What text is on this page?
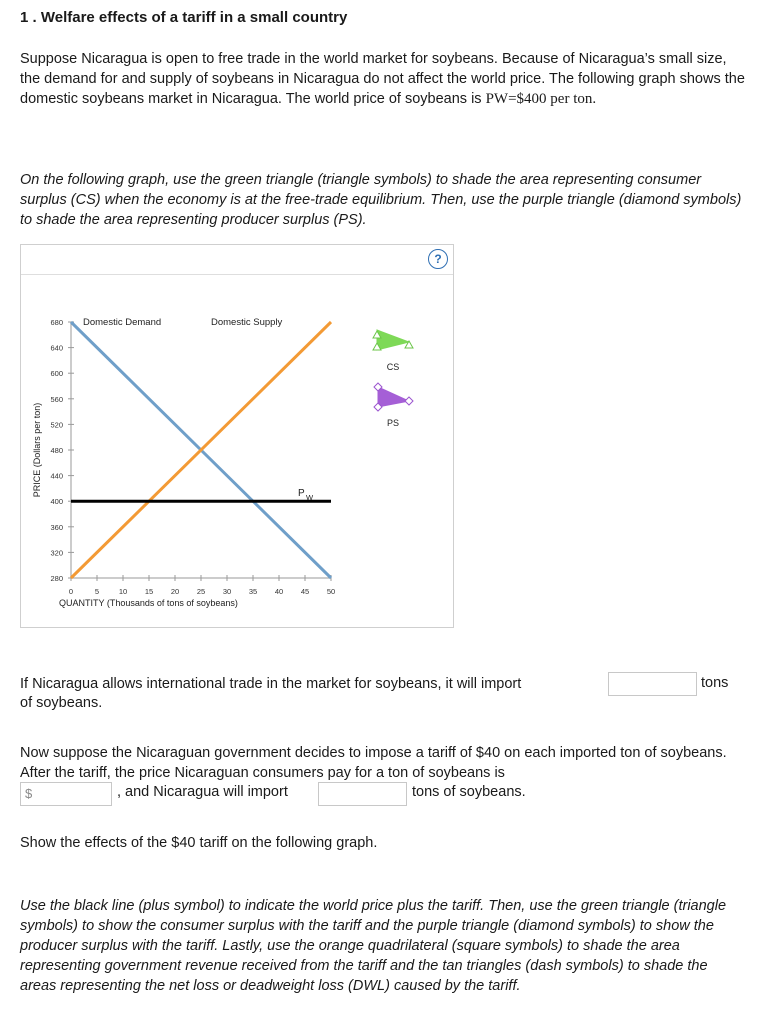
1 . Welfare effects of a tariff in a small country

Suppose Nicaragua is open to free trade in the world market for soybeans. Because of Nicaragua’s small size, the demand for and supply of soybeans in Nicaragua do not affect the world price. The following graph shows the domestic soybeans market in Nicaragua. The world price of soybeans is PW=$400 per ton.

On the following graph, use the green triangle (triangle symbols) to shade the area representing consumer surplus (CS) when the economy is at the free-trade equilibrium. Then, use the purple triangle (diamond symbols) to shade the area representing producer surplus (PS).

?
280
320
360
400
440
480
520
560
600
640
680
0	5	10 15 20 25 30 35 40 45 50
QUANTITY (Thousands of tons of soybeans)
PRICE (Dollars per ton)
Domestic Demand	Domestic Supply
P W
CS
PS
If Nicaragua allows international trade in the market for soybeans, it will import	tons
of soybeans.

Now suppose the Nicaraguan government decides to impose a tariff of $40 on each imported ton of soybeans. After the tariff, the price Nicaraguan consumers pay for a ton of soybeans is

$	, and Nicaragua will import	tons of soybeans.

Show the effects of the $40 tariff on the following graph.

Use the black line (plus symbol) to indicate the world price plus the tariff. Then, use the green triangle (triangle symbols) to show the consumer surplus with the tariff and the purple triangle (diamond symbols) to show the producer surplus with the tariff. Lastly, use the orange quadrilateral (square symbols) to shade the area representing government revenue received from the tariff and the tan triangles (dash symbols) to shade the areas representing the net loss or deadweight loss (DWL) caused by the tariff.
